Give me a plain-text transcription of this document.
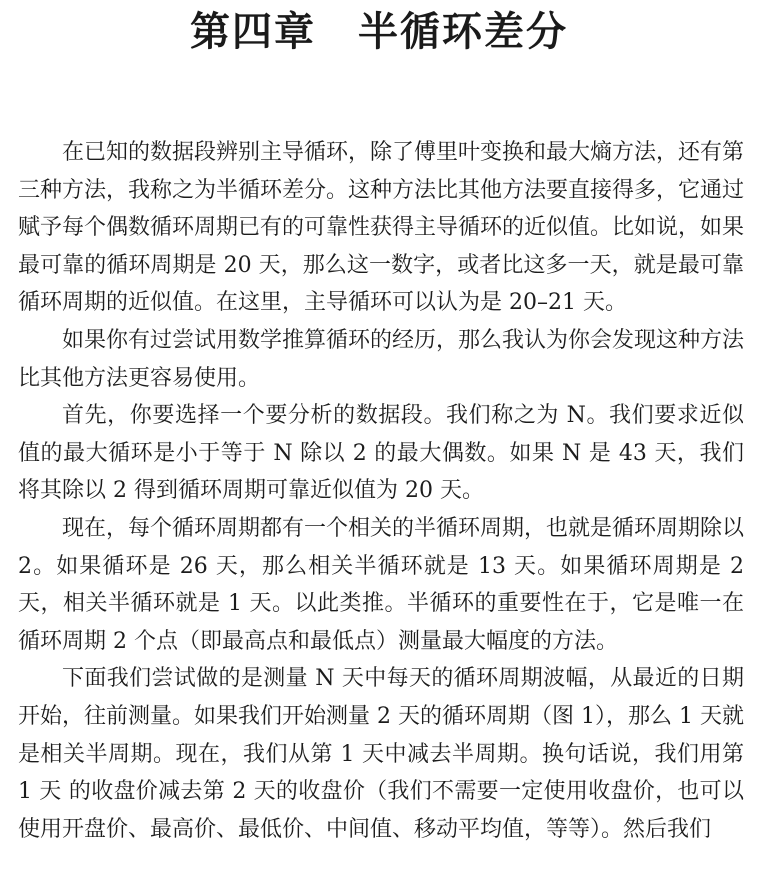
第四章 半循环差分

在已知的数据段辨别主导循环，除了傅里叶变换和最大熵方法，还有第三种方法，我称之为半循环差分。这种方法比其他方法要直接得多，它通过赋予每个偶数循环周期已有的可靠性获得主导循环的近似值。比如说，如果最可靠的循环周期是 20 天，那么这一数字，或者比这多一天，就是最可靠循环周期的近似值。在这里，主导循环可以认为是 20–21 天。

如果你有过尝试用数学推算循环的经历，那么我认为你会发现这种方法比其他方法更容易使用。

首先，你要选择一个要分析的数据段。我们称之为 N。我们要求近似值的最大循环是小于等于 N 除以 2 的最大偶数。如果 N 是 43 天，我们将其除以 2 得到循环周期可靠近似值为 20 天。

现在，每个循环周期都有一个相关的半循环周期，也就是循环周期除以 2。如果循环是 26 天，那么相关半循环就是 13 天。如果循环周期是 2 天，相关半循环就是 1 天。以此类推。半循环的重要性在于，它是唯一在循环周期 2 个点（即最高点和最低点）测量最大幅度的方法。

下面我们尝试做的是测量 N 天中每天的循环周期波幅，从最近的日期开始，往前测量。如果我们开始测量 2 天的循环周期（图 1），那么 1 天就是相关半周期。现在，我们从第 1 天中减去半周期。换句话说，我们用第 1 天 的收盘价减去第 2 天的收盘价（我们不需要一定使用收盘价，也可以使用开盘价、最高价、最低价、中间值、移动平均值，等等）。然后我们
